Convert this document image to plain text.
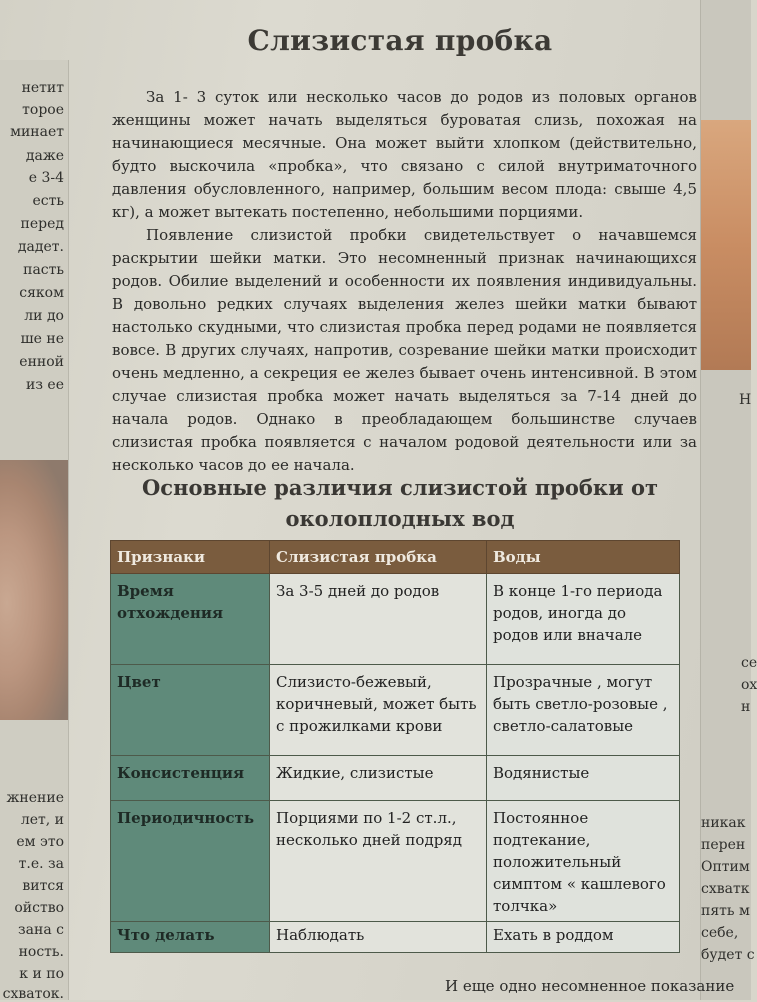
нетит
торое
минает
даже
е 3-4
есть
перед
дадет.
пасть
сяком
ли до
ше не
енной
из ее
жнение
лет, и
ем это
т.е. за
вится
ойство
зана с
ность.
к и по
схваток.
Н
се
ох
н
никак
перен
Оптим
схватк
пять м
себе,
будет с
Слизистая пробка

За 1- 3 суток или несколько часов до родов из половых органов женщины может начать выделяться буроватая слизь, похожая на начинающиеся месячные. Она может выйти хлопком (действительно, будто выскочила «пробка», что связано с силой внутриматочного давления обусловленного, например, большим весом плода: свыше 4,5 кг), а может вытекать постепенно, небольшими порциями.

Появление слизистой пробки свидетельствует о начавшемся раскрытии шейки матки. Это несомненный признак начинающихся родов. Обилие выделений и особенности их появления индивидуальны. В довольно редких случаях выделения желез шейки матки бывают настолько скудными, что слизистая пробка перед родами не появляется вовсе. В других случаях, напротив, созревание шейки матки происходит очень медленно, а секреция ее желез бывает очень интенсивной. В этом случае слизистая пробка может начать выделяться за 7-14 дней до начала родов. Однако в преобладающем большинстве случаев слизистая пробка появляется с началом родовой деятельности или за несколько часов до ее начала.

Основные различия слизистой пробки от
околоплодных вод
Признаки	Слизистая пробка	Воды
Время отхождения	За 3-5 дней до родов	В конце 1-го периода родов, иногда до родов или вначале
Цвет	Слизисто-бежевый, коричневый, может быть с прожилками крови	Прозрачные , могут быть светло-розовые , светло-салатовые
Консистенция	Жидкие, слизистые	Водянистые
Периодичность	Порциями по 1-2 ст.л., несколько дней подряд	Постоянное подтекание, положительный симптом « кашлевого толчка»
Что делать	Наблюдать	Ехать в роддом
И еще одно несомненное показание
